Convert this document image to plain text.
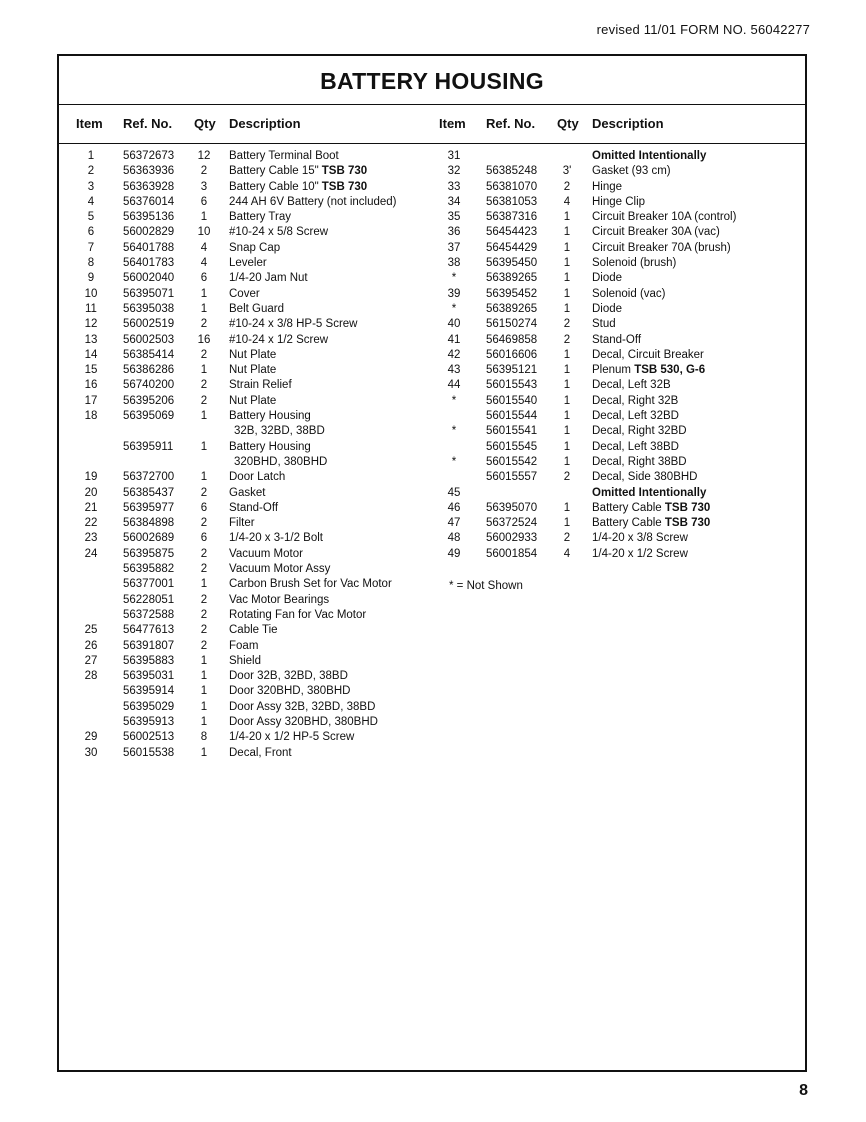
revised 11/01 FORM NO. 56042277
BATTERY HOUSING
Item Ref. No. Qty Description	Item Ref. No. Qty Description
1	56372673 12 Battery Terminal Boot
2	56363936	2	Battery Cable 15" TSB 730
3	56363928	3	Battery Cable 10" TSB 730
4	56376014	6	244 AH 6V Battery (not included)
5	56395136	1	Battery Tray
6	56002829 10 #10-24 x 5/8 Screw
7	56401788	4	Snap Cap
8	56401783	4	Leveler
9	56002040	6	1/4-20 Jam Nut
10	56395071	1	Cover
11	56395038	1	Belt Guard
12	56002519	2	#10-24 x 3/8 HP-5 Screw
13	56002503 16 #10-24 x 1/2 Screw
14	56385414	2	Nut Plate
15	56386286	1	Nut Plate
16	56740200	2	Strain Relief
17	56395206	2	Nut Plate
18	56395069	1	Battery Housing
32B, 32BD, 38BD
56395911	1	Battery Housing
320BHD, 380BHD
19	56372700	1	Door Latch
20	56385437	2	Gasket
21	56395977	6	Stand-Off
22	56384898	2	Filter
23	56002689	6	1/4-20 x 3-1/2 Bolt
24	56395875	2	Vacuum Motor
56395882	2	Vacuum Motor Assy
56377001	1	Carbon Brush Set for Vac Motor
56228051	2	Vac Motor Bearings
56372588	2	Rotating Fan for Vac Motor
25	56477613	2	Cable Tie
26	56391807	2	Foam
27	56395883	1	Shield
28	56395031	1	Door 32B, 32BD, 38BD
56395914	1	Door 320BHD, 380BHD
56395029	1	Door Assy 32B, 32BD, 38BD
56395913	1	Door Assy 320BHD, 380BHD
29	56002513	8	1/4-20 x 1/2 HP-5 Screw
30	56015538	1	Decal, Front
31	Omitted Intentionally
32	56385248	3'	Gasket (93 cm)
33	56381070	2	Hinge
34	56381053	4	Hinge Clip
35	56387316	1	Circuit Breaker 10A (control)
36	56454423	1	Circuit Breaker 30A (vac)
37	56454429	1	Circuit Breaker 70A (brush)
38	56395450	1	Solenoid (brush)
*	56389265	1	Diode
39	56395452	1	Solenoid (vac)
*	56389265	1	Diode
40	56150274	2	Stud
41	56469858	2	Stand-Off
42	56016606	1	Decal, Circuit Breaker
43	56395121	1	Plenum TSB 530, G-6
44	56015543	1	Decal, Left 32B
*	56015540	1	Decal, Right 32B
56015544	1	Decal, Left 32BD
*	56015541	1	Decal, Right 32BD
56015545	1	Decal, Left 38BD
*	56015542	1	Decal, Right 38BD
56015557	2	Decal, Side 380BHD
45	Omitted Intentionally
46	56395070	1	Battery Cable TSB 730
47	56372524	1	Battery Cable TSB 730
48	56002933	2	1/4-20 x 3/8 Screw
49	56001854	4	1/4-20 x 1/2 Screw
* = Not Shown
8
